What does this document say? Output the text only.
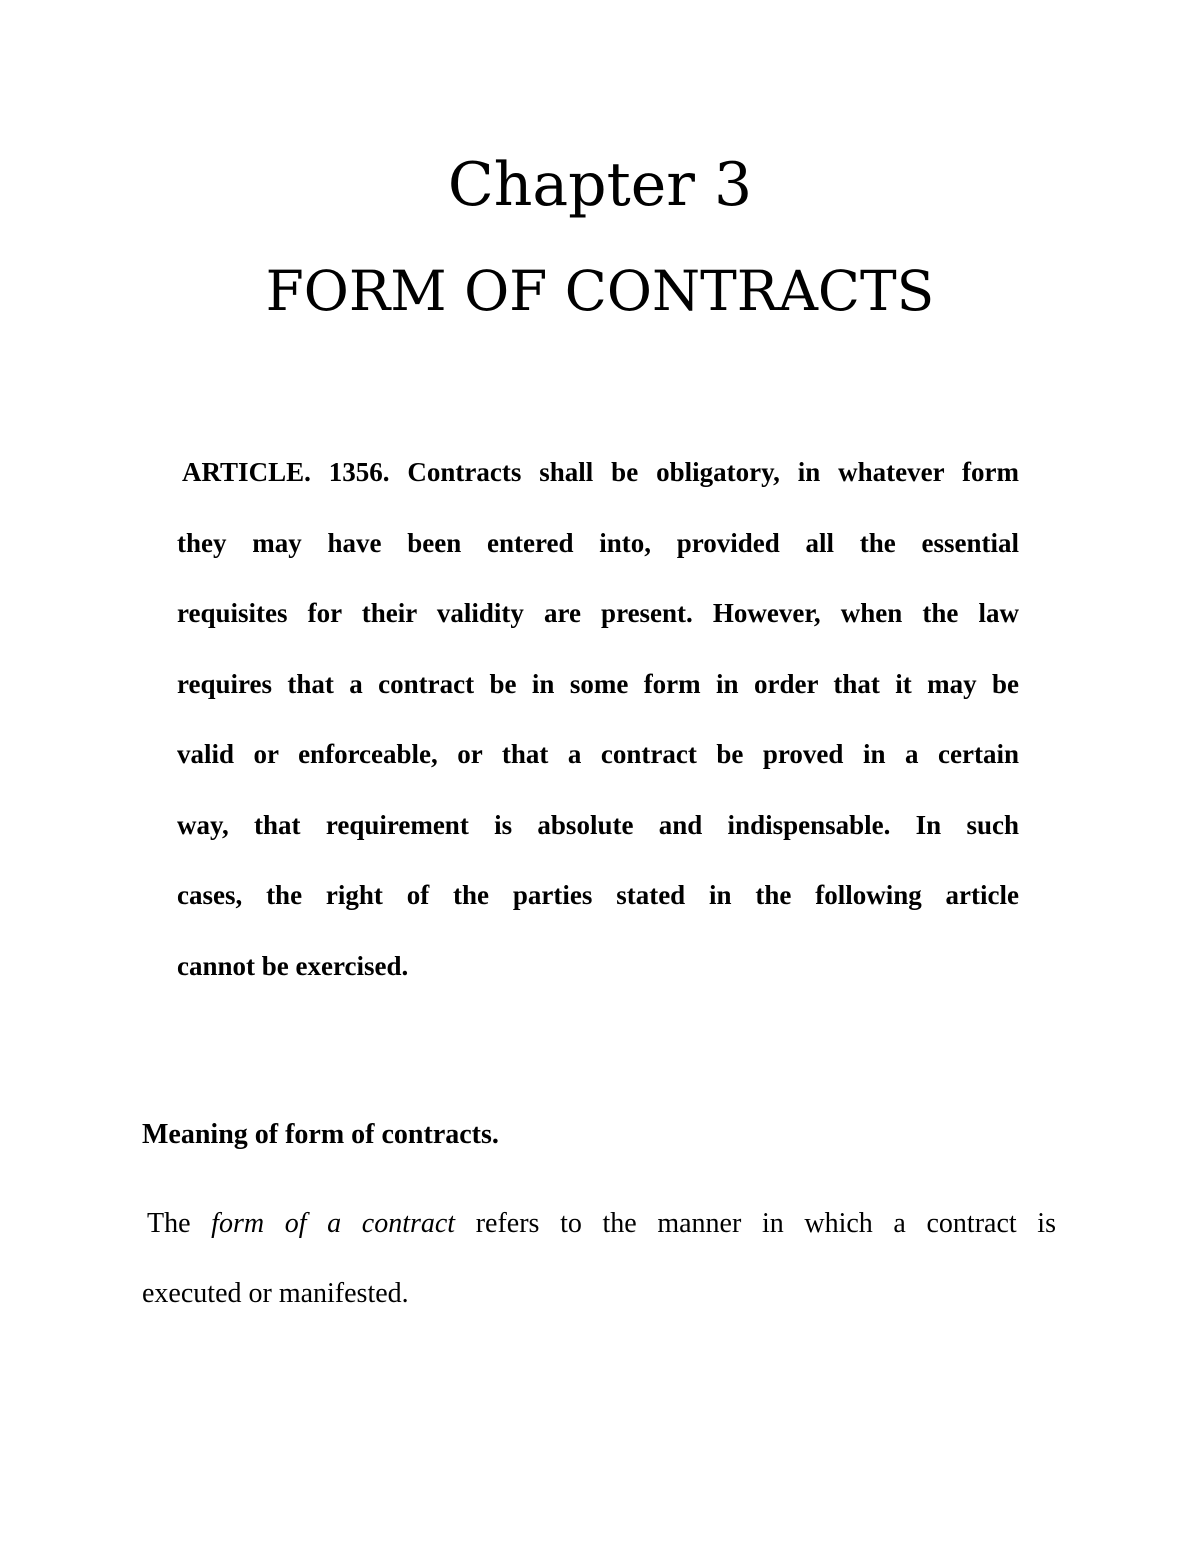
Chapter 3
FORM OF CONTRACTS
ARTICLE. 1356. Contracts shall be obligatory, in whatever form
they may have been entered into, provided all the essential
requisites for their validity are present. However, when the law
requires that a contract be in some form in order that it may be
valid or enforceable, or that a contract be proved in a certain
way, that requirement is absolute and indispensable. In such
cases, the right of the parties stated in the following article
cannot be exercised.
Meaning of form of contracts.
The form of a contract refers to the manner in which a contract is
executed or manifested.
